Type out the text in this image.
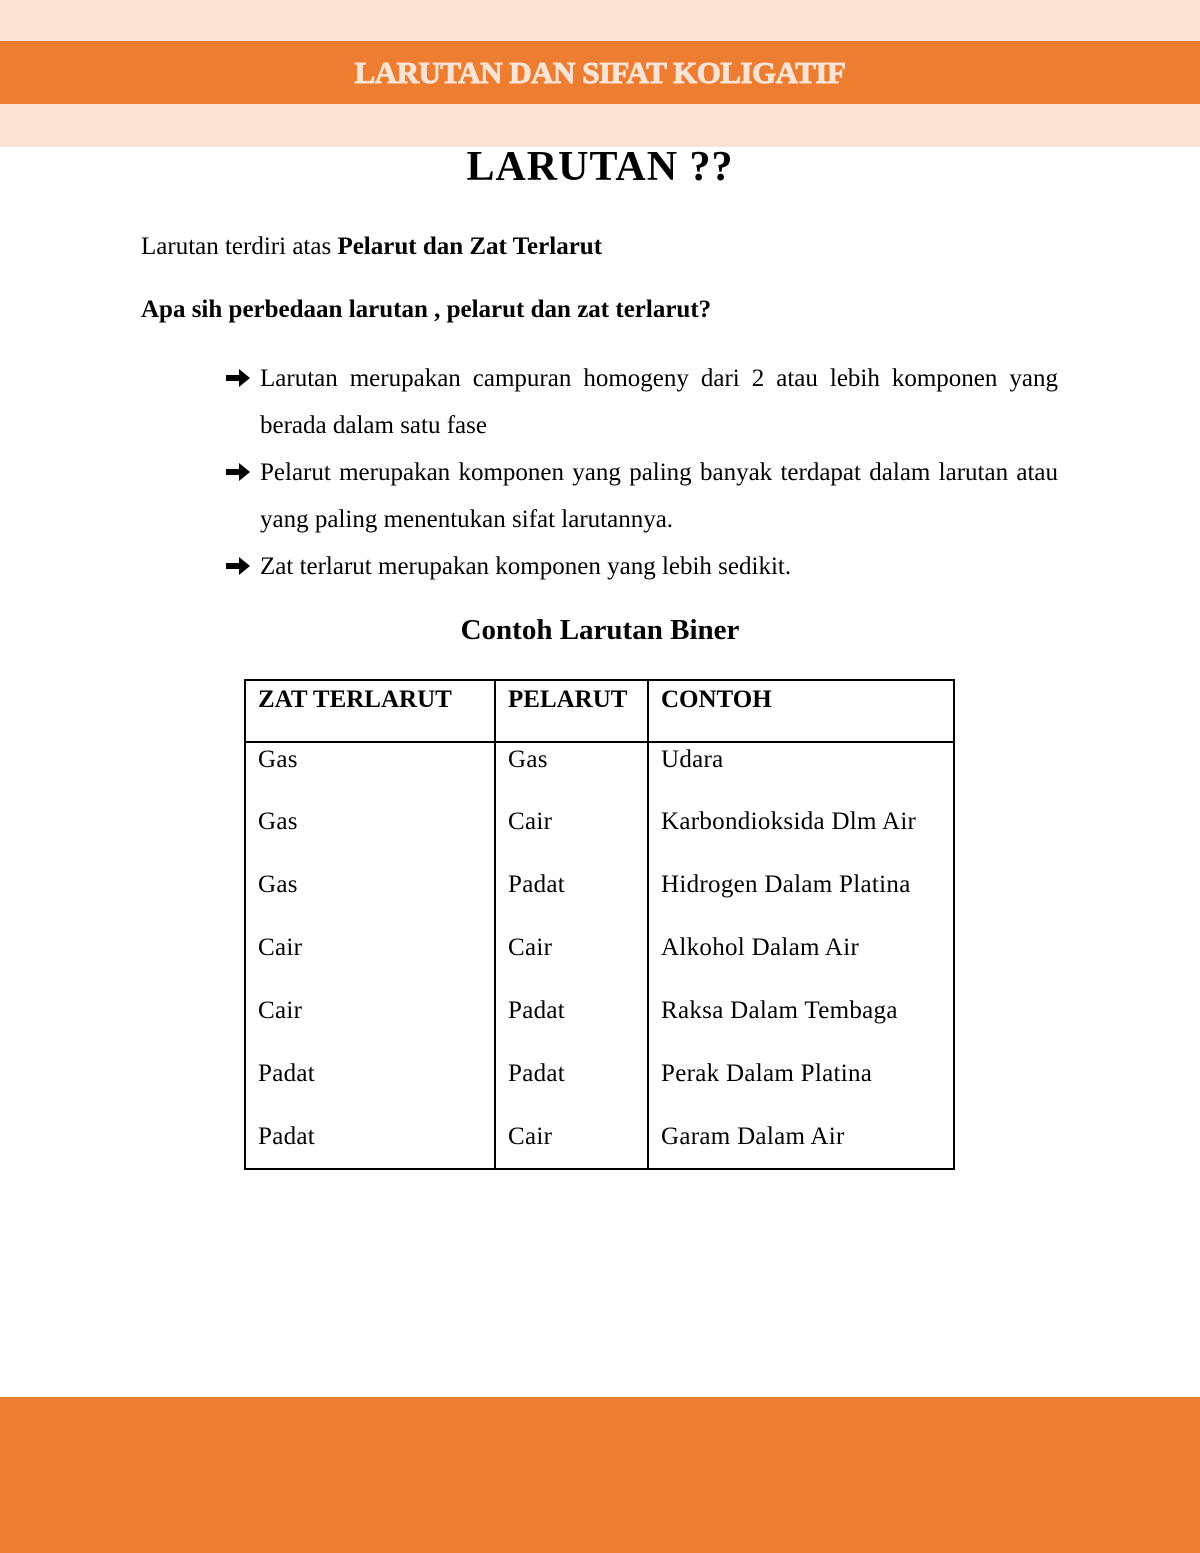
LARUTAN DAN SIFAT KOLIGATIF
LARUTAN ??
Larutan terdiri atas Pelarut dan Zat Terlarut
Apa sih perbedaan larutan , pelarut dan zat terlarut?
Larutan merupakan campuran homogeny dari 2 atau lebih komponen yang berada dalam satu fase
Pelarut merupakan komponen yang paling banyak terdapat dalam larutan atau yang paling menentukan sifat larutannya.
Zat terlarut merupakan komponen yang lebih sedikit.
Contoh Larutan Biner
ZAT TERLARUT	PELARUT	CONTOH
Gas	Gas	Udara
Gas	Cair	Karbondioksida Dlm Air
Gas	Padat	Hidrogen Dalam Platina
Cair	Cair	Alkohol Dalam Air
Cair	Padat	Raksa Dalam Tembaga
Padat	Padat	Perak Dalam Platina
Padat	Cair	Garam Dalam Air
